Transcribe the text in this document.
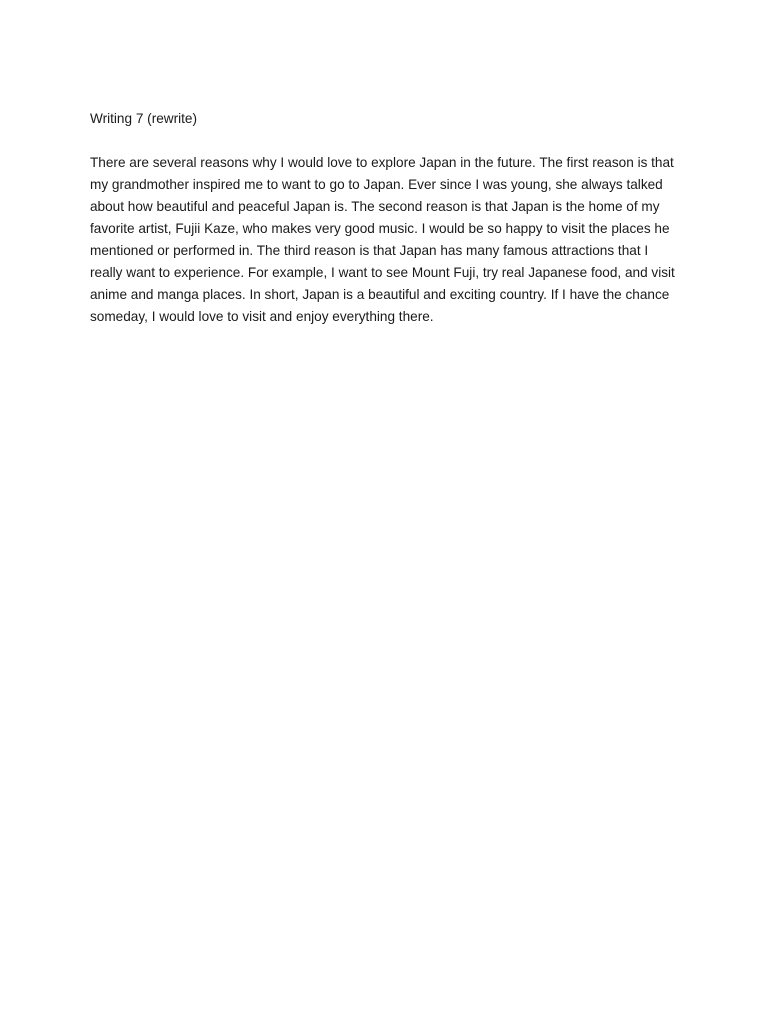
Writing 7 (rewrite)

There are several reasons why I would love to explore Japan in the future. The first reason is that my grandmother inspired me to want to go to Japan. Ever since I was young, she always talked about how beautiful and peaceful Japan is. The second reason is that Japan is the home of my favorite artist, Fujii Kaze, who makes very good music. I would be so happy to visit the places he mentioned or performed in. The third reason is that Japan has many famous attractions that I really want to experience. For example, I want to see Mount Fuji, try real Japanese food, and visit anime and manga places. In short, Japan is a beautiful and exciting country. If I have the chance someday, I would love to visit and enjoy everything there.
